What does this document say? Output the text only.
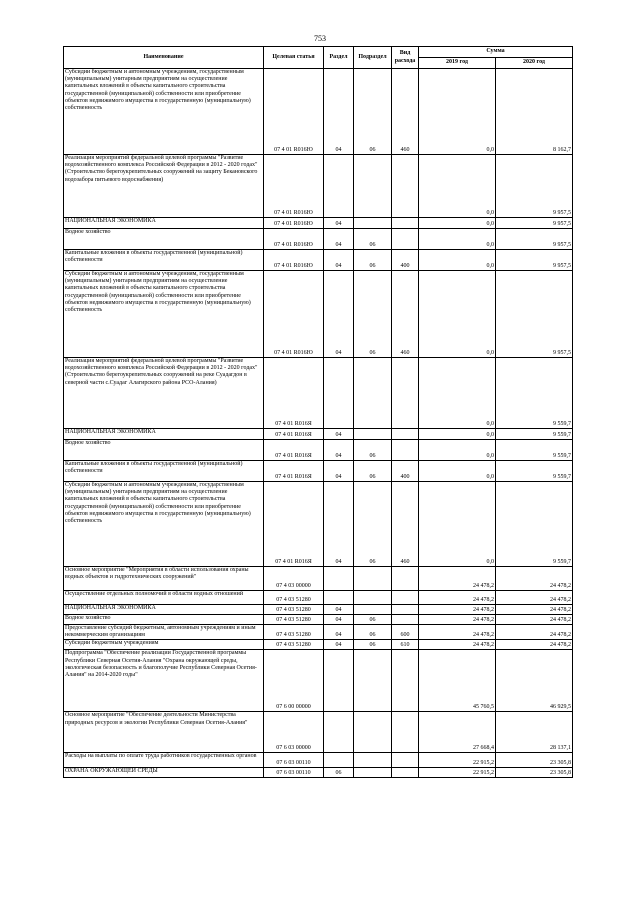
753
Наименование	Целевая статья	Раздел	Подраздел	Вид расхода	Сумма	
					2019 год	2020 год
Субсидии бюджетным и автономным учреждениям, государственным (муниципальным) унитарным предприятиям на осуществление капитальных вложений в объекты капитального строительства государственной (муниципальной) собственности или приобретение объектов недвижимого имущества в государственную (муниципальную) собственность	07 4 01 R016Ю	04	06	460	0,0	8 162,7
Реализация мероприятий федеральной целевой программы "Развитие водохозяйственного комплекса Российской Федерации в 2012 - 2020 годах" (Строительство берегоукрепительных сооружений на защиту Бекановского водозабора питьевого водоснабжения)	07 4 01 R016Ю				0,0	9 957,5
НАЦИОНАЛЬНАЯ ЭКОНОМИКА	07 4 01 R016Ю	04			0,0	9 957,5
Водное хозяйство	07 4 01 R016Ю	04	06		0,0	9 957,5
Капитальные вложения в объекты государственной (муниципальной) собственности	07 4 01 R016Ю	04	06	400	0,0	9 957,5
Субсидии бюджетным и автономным учреждениям, государственным (муниципальным) унитарным предприятиям на осуществление капитальных вложений в объекты капитального строительства государственной (муниципальной) собственности или приобретение объектов недвижимого имущества в государственную (муниципальную) собственность	07 4 01 R016Ю	04	06	460	0,0	9 957,5
Реализация мероприятий федеральной целевой программы "Развитие водохозяйственного комплекса Российской Федерации в 2012 - 2020 годах" (Строительство берегоукрепительных сооружений на реке Суадагдон в северной части с.Суадаг Алагирского района РСО-Алания)	07 4 01 R016Я				0,0	9 559,7
НАЦИОНАЛЬНАЯ ЭКОНОМИКА	07 4 01 R016Я	04			0,0	9 559,7
Водное хозяйство	07 4 01 R016Я	04	06		0,0	9 559,7
Капитальные вложения в объекты государственной (муниципальной) собственности	07 4 01 R016Я	04	06	400	0,0	9 559,7
Субсидии бюджетным и автономным учреждениям, государственным (муниципальным) унитарным предприятиям на осуществление капитальных вложений в объекты капитального строительства государственной (муниципальной) собственности или приобретение объектов недвижимого имущества в государственную (муниципальную) собственность	07 4 01 R016Я	04	06	460	0,0	9 559,7
Основное мероприятие "Мероприятия в области использования охраны водных объектов и гидротехнических сооружений"	07 4 03 00000				24 478,2	24 478,2
Осуществление отдельных полномочий в области водных отношений	07 4 03 51280				24 478,2	24 478,2
НАЦИОНАЛЬНАЯ ЭКОНОМИКА	07 4 03 51280	04			24 478,2	24 478,2
Водное хозяйство	07 4 03 51280	04	06		24 478,2	24 478,2
Предоставление субсидий бюджетным, автономным учреждениям и иным некоммерческим организациям	07 4 03 51280	04	06	600	24 478,2	24 478,2
Субсидии бюджетным учреждениям	07 4 03 51280	04	06	610	24 478,2	24 478,2
Подпрограмма "Обеспечение реализации Государственной программы Республики Северная Осетия-Алания "Охрана окружающей среды, экологическая безопасность и благополучие Республики Северная Осетия-Алания" на 2014-2020 годы"	07 6 00 00000				45 760,5	46 929,5
Основное мероприятие "Обеспечение деятельности Министерства природных ресурсов и экологии Республики Северная Осетия-Алания"	07 6 03 00000				27 668,4	28 137,1
Расходы на выплаты по оплате труда работников государственных органов	07 6 03 00110				22 915,2	23 305,8
ОХРАНА ОКРУЖАЮЩЕЙ СРЕДЫ	07 6 03 00110	06			22 915,2	23 305,8
